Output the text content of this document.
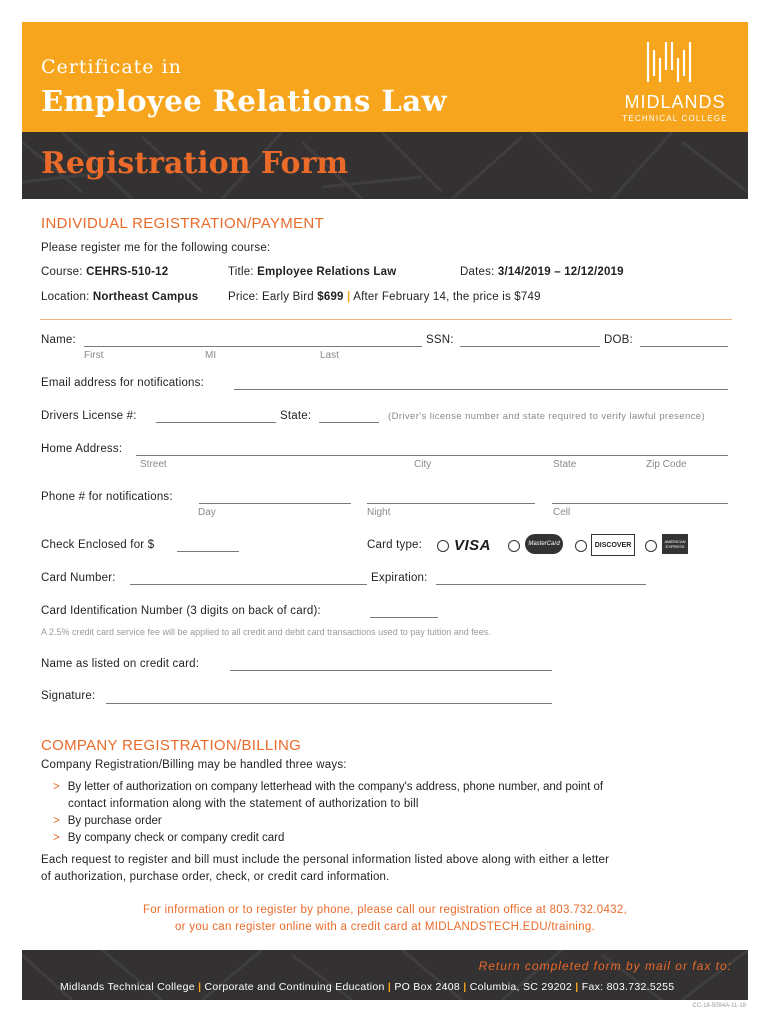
Certificate in
Employee Relations Law	MIDLANDS
TECHNICAL COLLEGE
Registration Form
INDIVIDUAL REGISTRATION/PAYMENT
Please register me for the following course:
Course: CEHRS-510-12	Title: Employee Relations Law	Dates: 3/14/2019 – 12/12/2019
Location: Northeast Campus	Price: Early Bird $699 | After February 14, the price is $749
Name:	SSN:	DOB:
First	MI	Last
Email address for notifications:
Drivers License #:	State:	(Driver's license number and state required to verify lawful presence)
Home Address:
Street	City	State	Zip Code
Phone # for notifications:
Day	Night	Cell
Check Enclosed for $	Card type: VISA	MasterCard	DISCOVER	AMERICAN
EXPRESS
Card Number:	Expiration:
Card Identification Number (3 digits on back of card):
A 2.5% credit card service fee will be applied to all credit and debit card transactions used to pay tuition and fees.
Name as listed on credit card:
Signature:
COMPANY REGISTRATION/BILLING
Company Registration/Billing may be handled three ways:
> By letter of authorization on company letterhead with the company's address, phone number, and point of
contact information along with the statement of authorization to bill
> By purchase order
> By company check or company credit card
Each request to register and bill must include the personal information listed above along with either a letter
of authorization, purchase order, check, or credit card information.
For information or to register by phone, please call our registration office at 803.732.0432,
or you can register online with a credit card at MIDLANDSTECH.EDU/training.
Return completed form by mail or fax to:
Midlands Technical College | Corporate and Continuing Education | PO Box 2408 | Columbia, SC 29202 | Fax: 803.732.5255
CC-18-5094A-11-18
